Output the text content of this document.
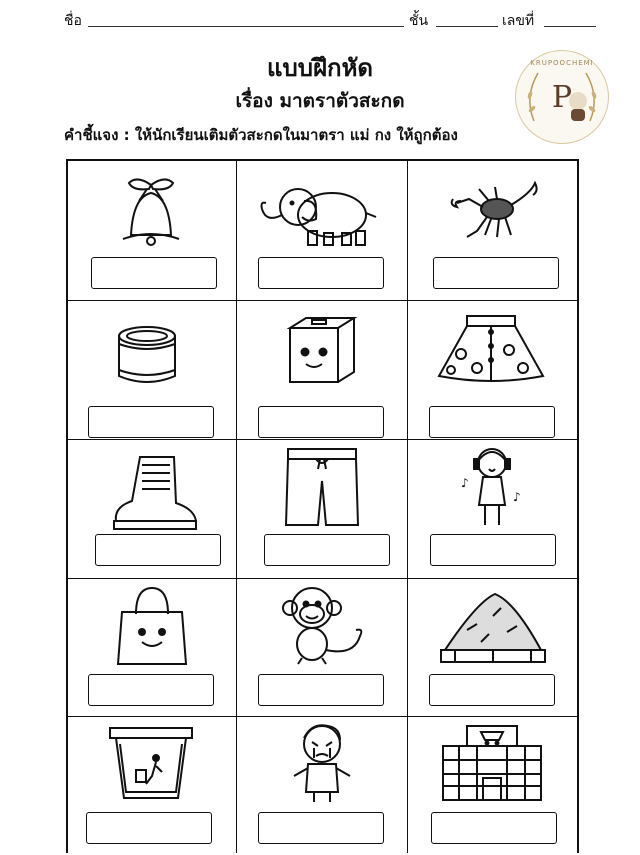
ชื่อ	ชั้น	เลขที่
แบบฝึกหัด
เรื่อง มาตราตัวสะกด
KRUPOOCHEMI
P
คำชี้แจง : ให้นักเรียนเติมตัวสะกดในมาตรา แม่ กง ให้ถูกต้อง
♪
♪
